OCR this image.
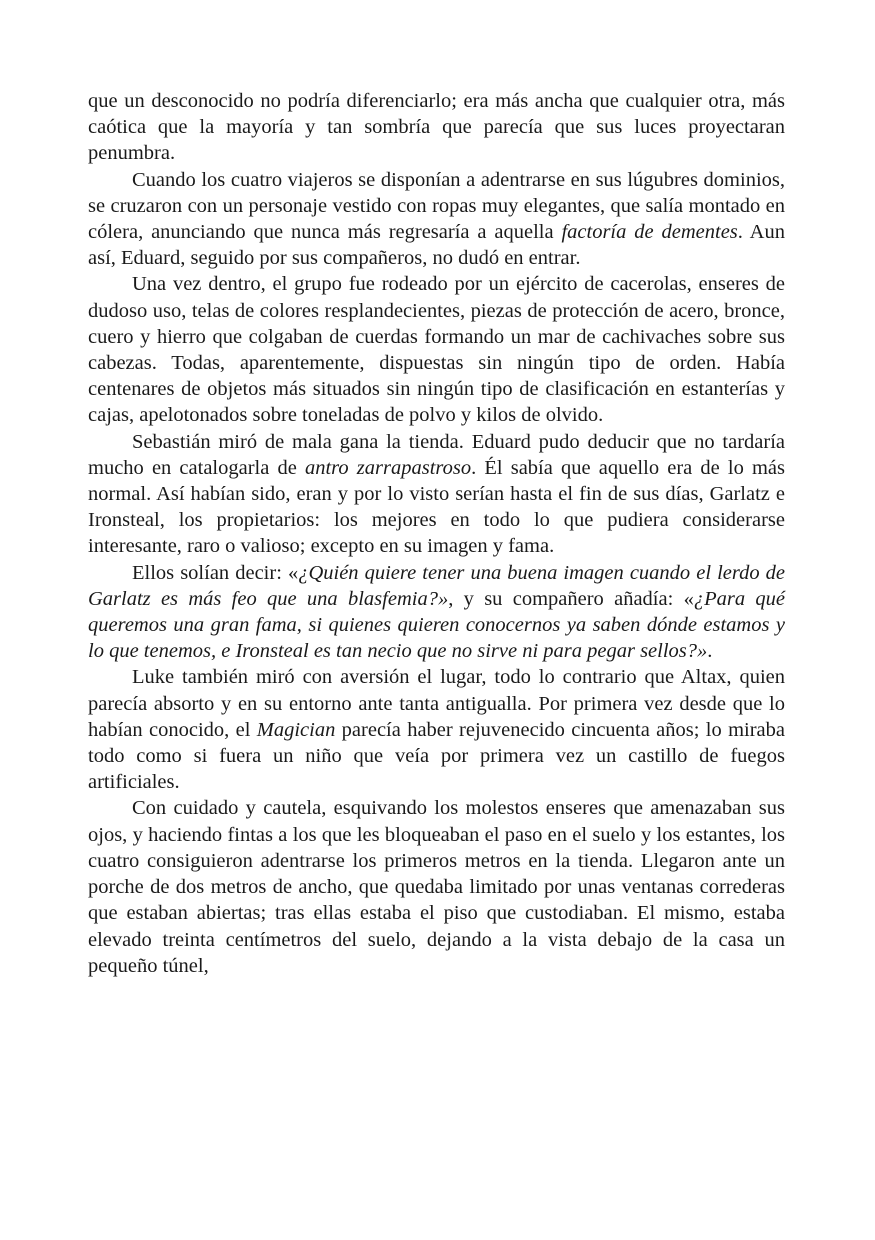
que un desconocido no podría diferenciarlo; era más ancha que cualquier otra, más caótica que la mayoría y tan sombría que parecía que sus luces proyectaran penumbra.

Cuando los cuatro viajeros se disponían a adentrarse en sus lúgubres dominios, se cruzaron con un personaje vestido con ropas muy elegantes, que salía montado en cólera, anunciando que nunca más regresaría a aquella factoría de dementes. Aun así, Eduard, seguido por sus compañeros, no dudó en entrar.

Una vez dentro, el grupo fue rodeado por un ejército de cacerolas, enseres de dudoso uso, telas de colores resplandecientes, piezas de protección de acero, bronce, cuero y hierro que colgaban de cuerdas formando un mar de cachivaches sobre sus cabezas. Todas, aparentemente, dispuestas sin ningún tipo de orden. Había centenares de objetos más situados sin ningún tipo de clasificación en estanterías y cajas, apelotonados sobre toneladas de polvo y kilos de olvido.

Sebastián miró de mala gana la tienda. Eduard pudo deducir que no tardaría mucho en catalogarla de antro zarrapastroso. Él sabía que aquello era de lo más normal. Así habían sido, eran y por lo visto serían hasta el fin de sus días, Garlatz e Ironsteal, los propietarios: los mejores en todo lo que pudiera considerarse interesante, raro o valioso; excepto en su imagen y fama.

Ellos solían decir: «¿Quién quiere tener una buena imagen cuando el lerdo de Garlatz es más feo que una blasfemia?», y su compañero añadía: «¿Para qué queremos una gran fama, si quienes quieren conocernos ya saben dónde estamos y lo que tenemos, e Ironsteal es tan necio que no sirve ni para pegar sellos?».

Luke también miró con aversión el lugar, todo lo contrario que Altax, quien parecía absorto y en su entorno ante tanta antigualla. Por primera vez desde que lo habían conocido, el Magician parecía haber rejuvenecido cincuenta años; lo miraba todo como si fuera un niño que veía por primera vez un castillo de fuegos artificiales.

Con cuidado y cautela, esquivando los molestos enseres que amenazaban sus ojos, y haciendo fintas a los que les bloqueaban el paso en el suelo y los estantes, los cuatro consiguieron adentrarse los primeros metros en la tienda. Llegaron ante un porche de dos metros de ancho, que quedaba limitado por unas ventanas correderas que estaban abiertas; tras ellas estaba el piso que custodiaban. El mismo, estaba elevado treinta centímetros del suelo, dejando a la vista debajo de la casa un pequeño túnel,
